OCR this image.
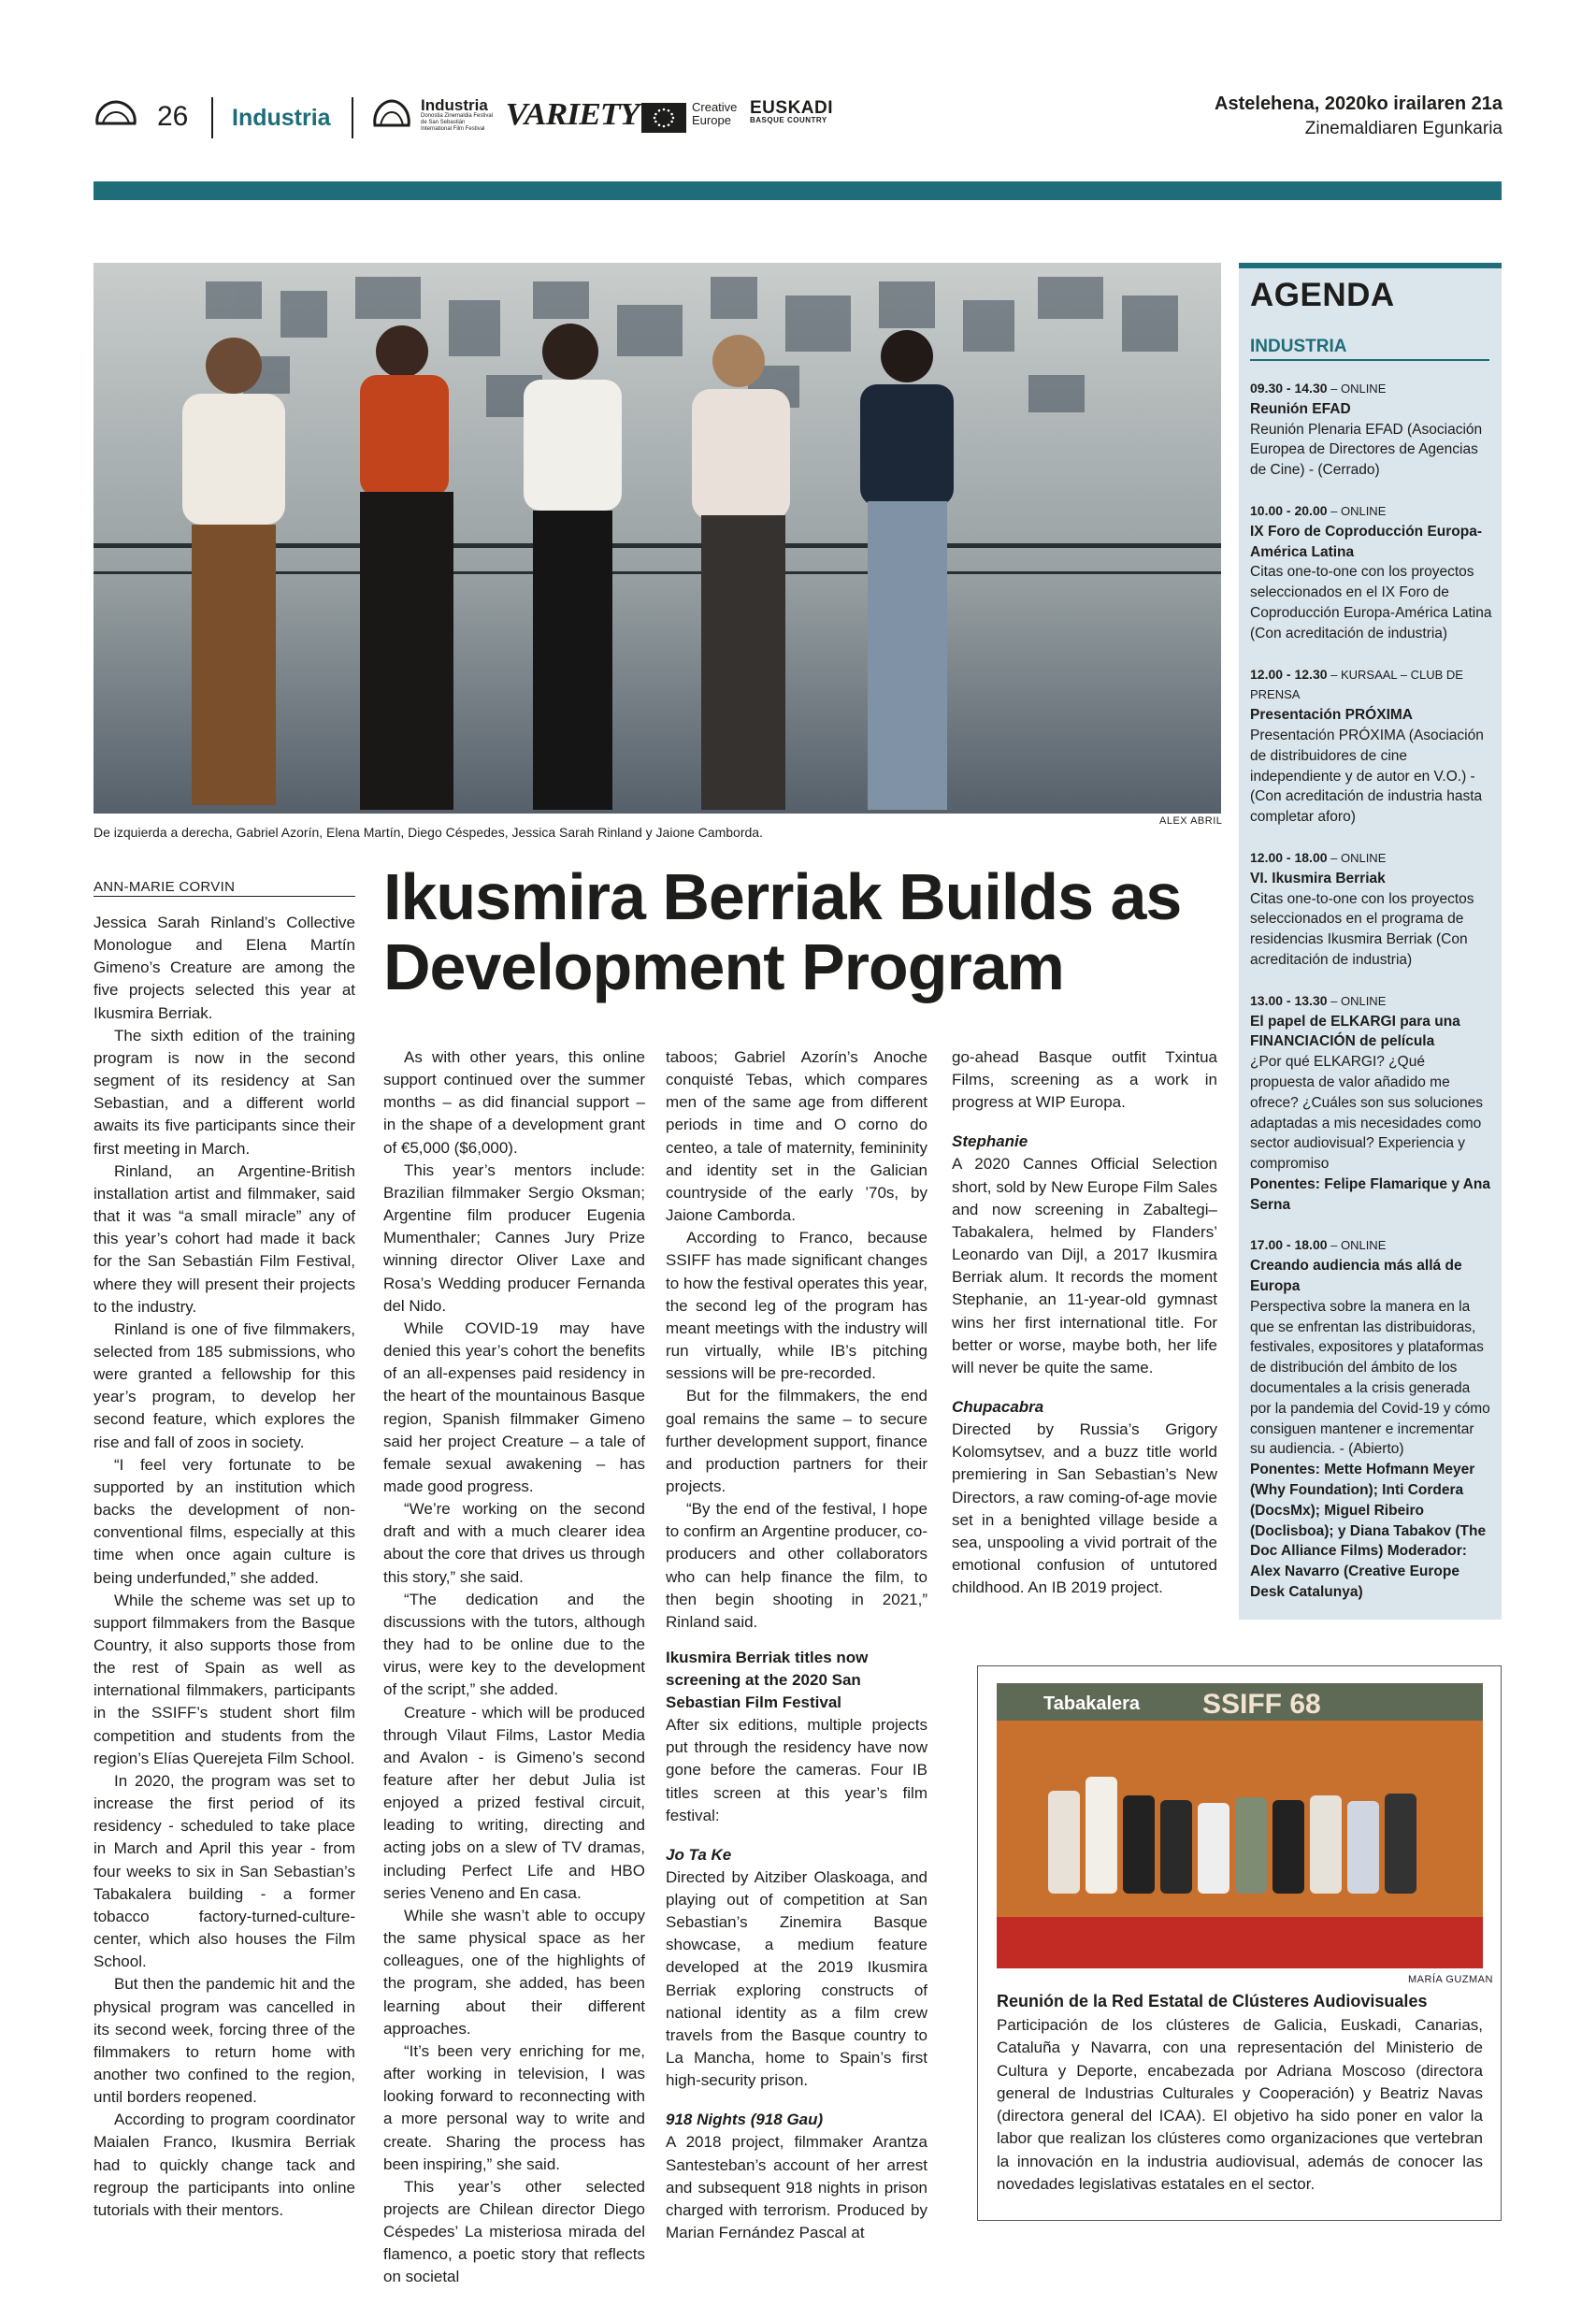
26 Industria	Industria
Donostia Zinemaldia Festival de San Sebastián International Film Festival VARIETY	Creative Europe
EUSKADI
BASQUE COUNTRY
Astelehena, 2020ko irailaren 21a
Zinemaldiaren Egunkaria
De izquierda a derecha, Gabriel Azorín, Elena Martín, Diego Céspedes, Jessica Sarah Rinland y Jaione Camborda.
ALEX ABRIL
AGENDA
INDUSTRIA
09.30 - 14.30 – ONLINE
Reunión EFAD
Reunión Plenaria EFAD (Asociación Europea de Directores de Agencias de Cine) - (Cerrado)
10.00 - 20.00 – ONLINE
IX Foro de Coproducción Europa-América Latina
Citas one-to-one con los proyectos seleccionados en el IX Foro de Coproducción Europa-América Latina (Con acreditación de industria)
12.00 - 12.30 – KURSAAL – CLUB DE PRENSA
Presentación PRÓXIMA
Presentación PRÓXIMA (Asociación de distribuidores de cine independiente y de autor en V.O.) - (Con acreditación de industria hasta completar aforo)
12.00 - 18.00 – ONLINE
VI. Ikusmira Berriak
Citas one-to-one con los proyectos seleccionados en el programa de residencias Ikusmira Berriak (Con acreditación de industria)
13.00 - 13.30 – ONLINE
El papel de ELKARGI para una FINANCIACIÓN de película
¿Por qué ELKARGI? ¿Qué propuesta de valor añadido me ofrece? ¿Cuáles son sus soluciones adaptadas a mis necesidades como sector audiovisual? Experiencia y compromiso
Ponentes: Felipe Flamarique y Ana Serna
17.00 - 18.00 – ONLINE
Creando audiencia más allá de Europa
Perspectiva sobre la manera en la que se enfrentan las distribuidoras, festivales, expositores y plataformas de distribución del ámbito de los documentales a la crisis generada por la pandemia del Covid-19 y cómo consiguen mantener e incrementar su audiencia. - (Abierto)
Ponentes: Mette Hofmann Meyer (Why Foundation); Inti Cordera (DocsMx); Miguel Ribeiro (Doclisboa); y Diana Tabakov (The Doc Alliance Films) Moderador: Alex Navarro (Creative Europe Desk Catalunya)
ANN-MARIE CORVIN Ikusmira Berriak Builds as Development Program

Jessica Sarah Rinland’s Collective Monologue and Elena Martín Gimeno’s Creature are among the five projects selected this year at Ikusmira Berriak.

The sixth edition of the training program is now in the second segment of its residency at San Sebastian, and a different world awaits its five participants since their first meeting in March.

Rinland, an Argentine-British installation artist and filmmaker, said that it was “a small miracle” any of this year’s cohort had made it back for the San Sebastián Film Festival, where they will present their projects to the industry.

Rinland is one of five filmmakers, selected from 185 submissions, who were granted a fellowship for this year’s program, to develop her second feature, which explores the rise and fall of zoos in society.

“I feel very fortunate to be supported by an institution which backs the development of non-conventional films, especially at this time when once again culture is being underfunded,” she added.

While the scheme was set up to support filmmakers from the Basque Country, it also supports those from the rest of Spain as well as international filmmakers, participants in the SSIFF’s student short film competition and students from the region’s Elías Querejeta Film School.

In 2020, the program was set to increase the first period of its residency - scheduled to take place in March and April this year - from four weeks to six in San Sebastian’s Tabakalera building - a former tobacco factory-turned-culture-center, which also houses the Film School.

But then the pandemic hit and the physical program was cancelled in its second week, forcing three of the filmmakers to return home with another two confined to the region, until borders reopened.

According to program coordinator Maialen Franco, Ikusmira Berriak had to quickly change tack and regroup the participants into online tutorials with their mentors.

As with other years, this online support continued over the summer months – as did financial support – in the shape of a development grant of €5,000 ($6,000).

This year’s mentors include: Brazilian filmmaker Sergio Oksman; Argentine film producer Eugenia Mumenthaler; Cannes Jury Prize winning director Oliver Laxe and Rosa’s Wedding producer Fernanda del Nido.

While COVID-19 may have denied this year’s cohort the benefits of an all-expenses paid residency in the heart of the mountainous Basque region, Spanish filmmaker Gimeno said her project Creature – a tale of female sexual awakening – has made good progress.

“We’re working on the second draft and with a much clearer idea about the core that drives us through this story,” she said.

“The dedication and the discussions with the tutors, although they had to be online due to the virus, were key to the development of the script,” she added.

Creature - which will be produced through Vilaut Films, Lastor Media and Avalon - is Gimeno’s second feature after her debut Julia ist enjoyed a prized festival circuit, leading to writing, directing and acting jobs on a slew of TV dramas, including Perfect Life and HBO series Veneno and En casa.

While she wasn’t able to occupy the same physical space as her colleagues, one of the highlights of the program, she added, has been learning about their different approaches.

“It’s been very enriching for me, after working in television, I was looking forward to reconnecting with a more personal way to write and create. Sharing the process has been inspiring,” she said.

This year’s other selected projects are Chilean director Diego Céspedes’ La misteriosa mirada del flamenco, a poetic story that reflects on societal

taboos; Gabriel Azorín’s Anoche conquisté Tebas, which compares men of the same age from different periods in time and O corno do centeo, a tale of maternity, femininity and identity set in the Galician countryside of the early ’70s, by Jaione Camborda.

According to Franco, because SSIFF has made significant changes to how the festival operates this year, the second leg of the program has meant meetings with the industry will run virtually, while IB’s pitching sessions will be pre-recorded.

But for the filmmakers, the end goal remains the same – to secure further development support, finance and production partners for their projects.

“By the end of the festival, I hope to confirm an Argentine producer, co-producers and other collaborators who can help finance the film, to then begin shooting in 2021,” Rinland said.

Ikusmira Berriak titles now screening at the 2020 San Sebastian Film Festival

After six editions, multiple projects put through the residency have now gone before the cameras. Four IB titles screen at this year’s film festival:

Jo Ta Ke

Directed by Aitziber Olaskoaga, and playing out of competition at San Sebastian’s Zinemira Basque showcase, a medium feature developed at the 2019 Ikusmira Berriak exploring constructs of national identity as a film crew travels from the Basque country to La Mancha, home to Spain’s first high-security prison.

918 Nights (918 Gau)

A 2018 project, filmmaker Arantza Santesteban’s account of her arrest and subsequent 918 nights in prison charged with terrorism. Produced by Marian Fernández Pascal at

go-ahead Basque outfit Txintua Films, screening as a work in progress at WIP Europa.

Stephanie

A 2020 Cannes Official Selection short, sold by New Europe Film Sales and now screening in Zabaltegi–Tabakalera, helmed by Flanders’ Leonardo van Dijl, a 2017 Ikusmira Berriak alum. It records the moment Stephanie, an 11-year-old gymnast wins her first international title. For better or worse, maybe both, her life will never be quite the same.

Chupacabra

Directed by Russia’s Grigory Kolomsytsev, and a buzz title world premiering in San Sebastian’s New Directors, a raw coming-of-age movie set in a benighted village beside a sea, unspooling a vivid portrait of the emotional confusion of untutored childhood. An IB 2019 project.

Tabakalera SSIFF 68
MARÍA GUZMAN
Reunión de la Red Estatal de Clústeres Audiovisuales
Participación de los clústeres de Galicia, Euskadi, Canarias, Cataluña y Navarra, con una representación del Ministerio de Cultura y Deporte, encabezada por Adriana Moscoso (directora general de Industrias Culturales y Cooperación) y Beatriz Navas (directora general del ICAA). El objetivo ha sido poner en valor la labor que realizan los clústeres como organizaciones que vertebran la innovación en la industria audiovisual, además de conocer las novedades legislativas estatales en el sector.
